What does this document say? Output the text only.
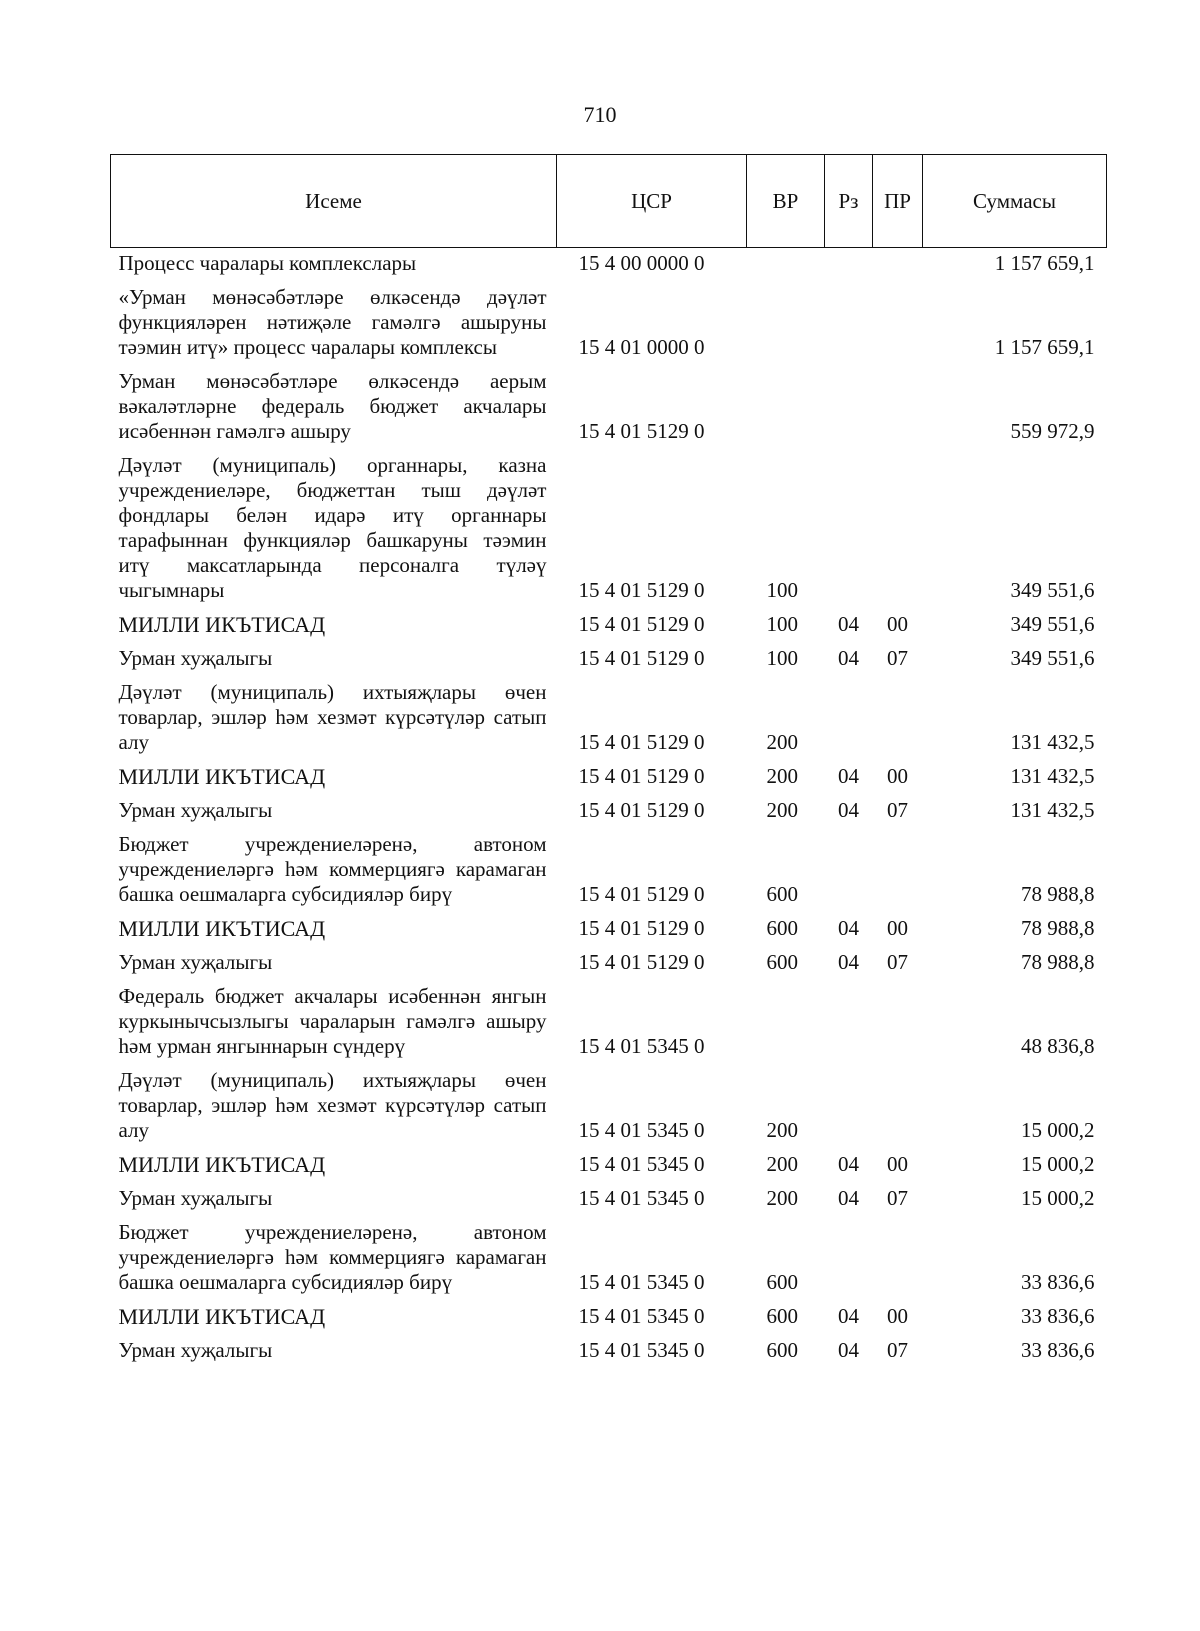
710
Исеме	ЦСР	ВР	Рз	ПР	Суммасы
Процесс чаралары комплекслары	15 4 00 0000 0				1 157 659,1
«Урман мөнәсәбәтләре өлкәсендә дәүләт функцияләрен нәтиҗәле гамәлгә ашыруны тәэмин итү» процесс чаралары комплексы	15 4 01 0000 0				1 157 659,1
Урман мөнәсәбәтләре өлкәсендә аерым вәкаләтләрне федераль бюджет акчалары исәбеннән гамәлгә ашыру	15 4 01 5129 0				559 972,9
Дәүләт (муниципаль) органнары, казна учреждениеләре, бюджеттан тыш дәүләт фондлары белән идарә итү органнары тарафыннан функцияләр башкаруны тәэмин итү максатларында персоналга түләү чыгымнары	15 4 01 5129 0	100			349 551,6
МИЛЛИ ИКЪТИСАД	15 4 01 5129 0	100	04	00	349 551,6
Урман хуҗалыгы	15 4 01 5129 0	100	04	07	349 551,6
Дәүләт (муниципаль) ихтыяҗлары өчен товарлар, эшләр һәм хезмәт күрсәтүләр сатып алу	15 4 01 5129 0	200			131 432,5
МИЛЛИ ИКЪТИСАД	15 4 01 5129 0	200	04	00	131 432,5
Урман хуҗалыгы	15 4 01 5129 0	200	04	07	131 432,5
Бюджет учреждениеләренә, автоном учреждениеләргә һәм коммерциягә карамаган башка оешмаларга субсидияләр бирү	15 4 01 5129 0	600			78 988,8
МИЛЛИ ИКЪТИСАД	15 4 01 5129 0	600	04	00	78 988,8
Урман хуҗалыгы	15 4 01 5129 0	600	04	07	78 988,8
Федераль бюджет акчалары исәбеннән янгын куркынычсызлыгы чараларын гамәлгә ашыру һәм урман янгыннарын сүндерү	15 4 01 5345 0				48 836,8
Дәүләт (муниципаль) ихтыяҗлары өчен товарлар, эшләр һәм хезмәт күрсәтүләр сатып алу	15 4 01 5345 0	200			15 000,2
МИЛЛИ ИКЪТИСАД	15 4 01 5345 0	200	04	00	15 000,2
Урман хуҗалыгы	15 4 01 5345 0	200	04	07	15 000,2
Бюджет учреждениеләренә, автоном учреждениеләргә һәм коммерциягә карамаган башка оешмаларга субсидияләр бирү	15 4 01 5345 0	600			33 836,6
МИЛЛИ ИКЪТИСАД	15 4 01 5345 0	600	04	00	33 836,6
Урман хуҗалыгы	15 4 01 5345 0	600	04	07	33 836,6
